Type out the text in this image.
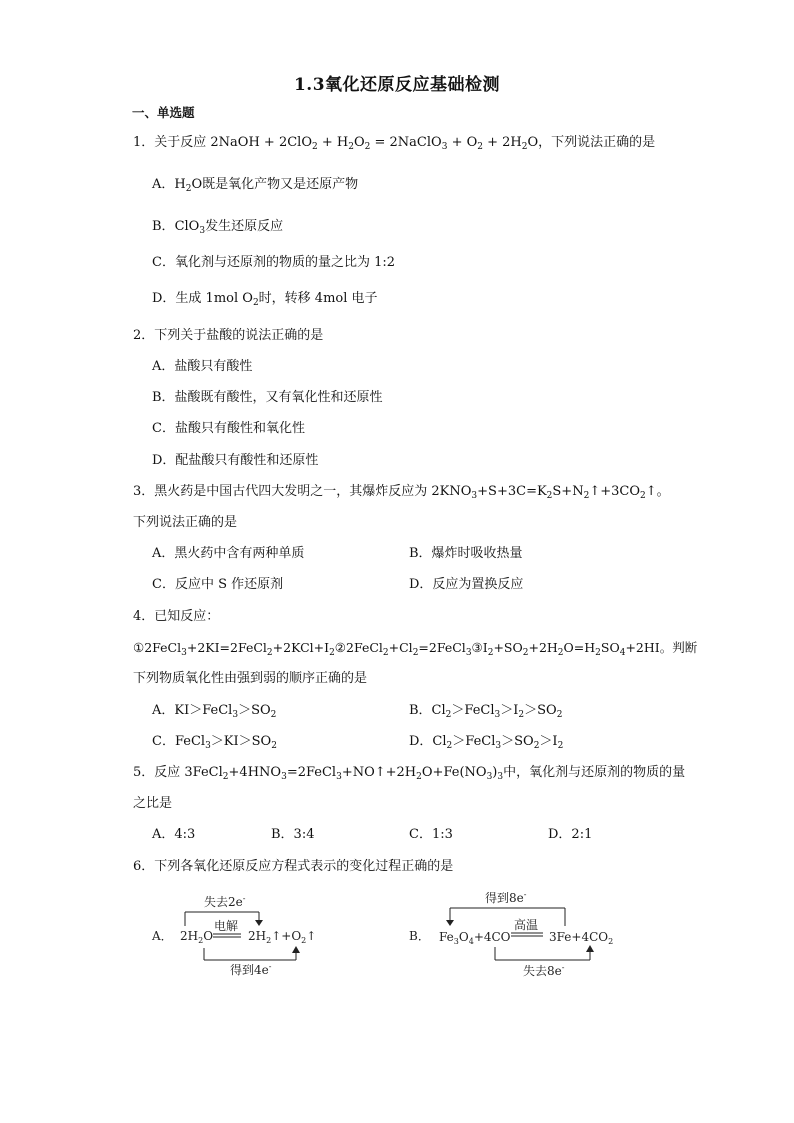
1.3氧化还原反应基础检测
一、单选题
1．关于反应 2NaOH + $2ClO_2 + H_2O_2$ = 2NaClO$_3$ + $O_2 + 2H_2O$，下列说法正确的是
A．$H_2O$既是氧化产物又是还原产物
B．ClO$_3$发生还原反应
C．氧化剂与还原剂的物质的量之比为 1:2
D．生成 1mol $O_2$时，转移 4mol 电子
2．下列关于盐酸的说法正确的是
A．盐酸只有酸性
B．盐酸既有酸性，又有氧化性和还原性
C．盐酸只有酸性和氧化性
D．配盐酸只有酸性和还原性
3．黑火药是中国古代四大发明之一，其爆炸反应为 $2KNO_3+S+3C=K_2S+N_2↑+3CO_2↑$。
下列说法正确的是
A．黑火药中含有两种单质	B．爆炸时吸收热量
C．反应中 S 作还原剂	D．反应为置换反应
4．已知反应：
$①2FeCl_3+2KI=2FeCl_2+2KCl+I_2②2FeCl_2+Cl_2=2FeCl_3③I_2+SO_2+2H_2O=H_2SO_4+2HI$。判断
下列物质氧化性由强到弱的顺序正确的是
A．$KI>FeCl_3>SO_2$	B．$Cl_2>FeCl_3>I_2>SO_2$
C．$FeCl_3>KI>SO_2$	D．$Cl_2>FeCl_3>SO_2>I_2$
5．反应 $3FeCl_2+4HNO_3=2FeCl_3+NO↑+2H_2O+Fe(NO_3)_3$中，氧化剂与还原剂的物质的量
之比是
A．4:3	B．3:4	C．1:3	D．2:1
6．下列各氧化还原反应方程式表示的变化过程正确的是
A．
失去2e-
$2H_2O$
电解
$2H_2↑+O_2↑$
得到4e-
B．
得到8e-
$Fe_3O_4+4CO$
高温
$3Fe+4CO_2$
失去8e-
